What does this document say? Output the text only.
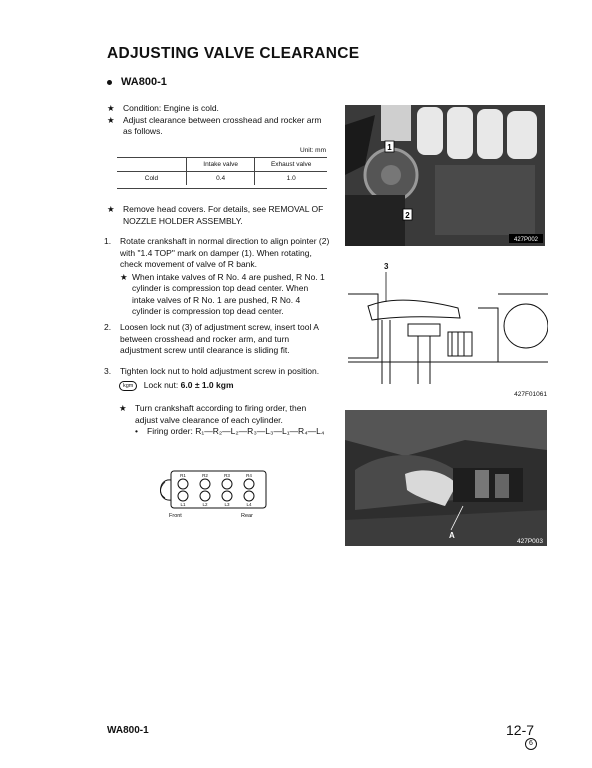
ADJUSTING VALVE CLEARANCE
WA800-1
★ Condition: Engine is cold.
★ Adjust clearance between crosshead and rocker arm as follows.
Unit: mm
	Intake valve	Exhaust valve
Cold	0.4	1.0
★ Remove head covers. For details, see REMOVAL OF NOZZLE HOLDER ASSEMBLY.
1. Rotate crankshaft in normal direction to align pointer (2) with "1.4 TOP" mark on damper (1). When rotating, check movement of valve of R bank.
★ When intake valves of R No. 4 are pushed, R No. 1 cylinder is compression top dead center. When intake valves of R No. 1 are pushed, R No. 4 cylinder is compression top dead center.
2. Loosen lock nut (3) of adjustment screw, insert tool A between crosshead and rocker arm, and turn adjustment screw until clearance is sliding fit.
3. Tighten lock nut to hold adjustment screw in position.
kgm Lock nut: 6.0 ± 1.0 kgm
★ Turn crankshaft according to firing order, then adjust valve clearance of each cylinder.
• Firing order: R₁—R₂—L₂—R₃—L₃—L₁—R₄—L₄
R1	R2	R3	R4
L1	L2	L3	L4
Front	Rear
1
2
427P002
3
427F01061
A
427P003
WA800-1	12-7
6
